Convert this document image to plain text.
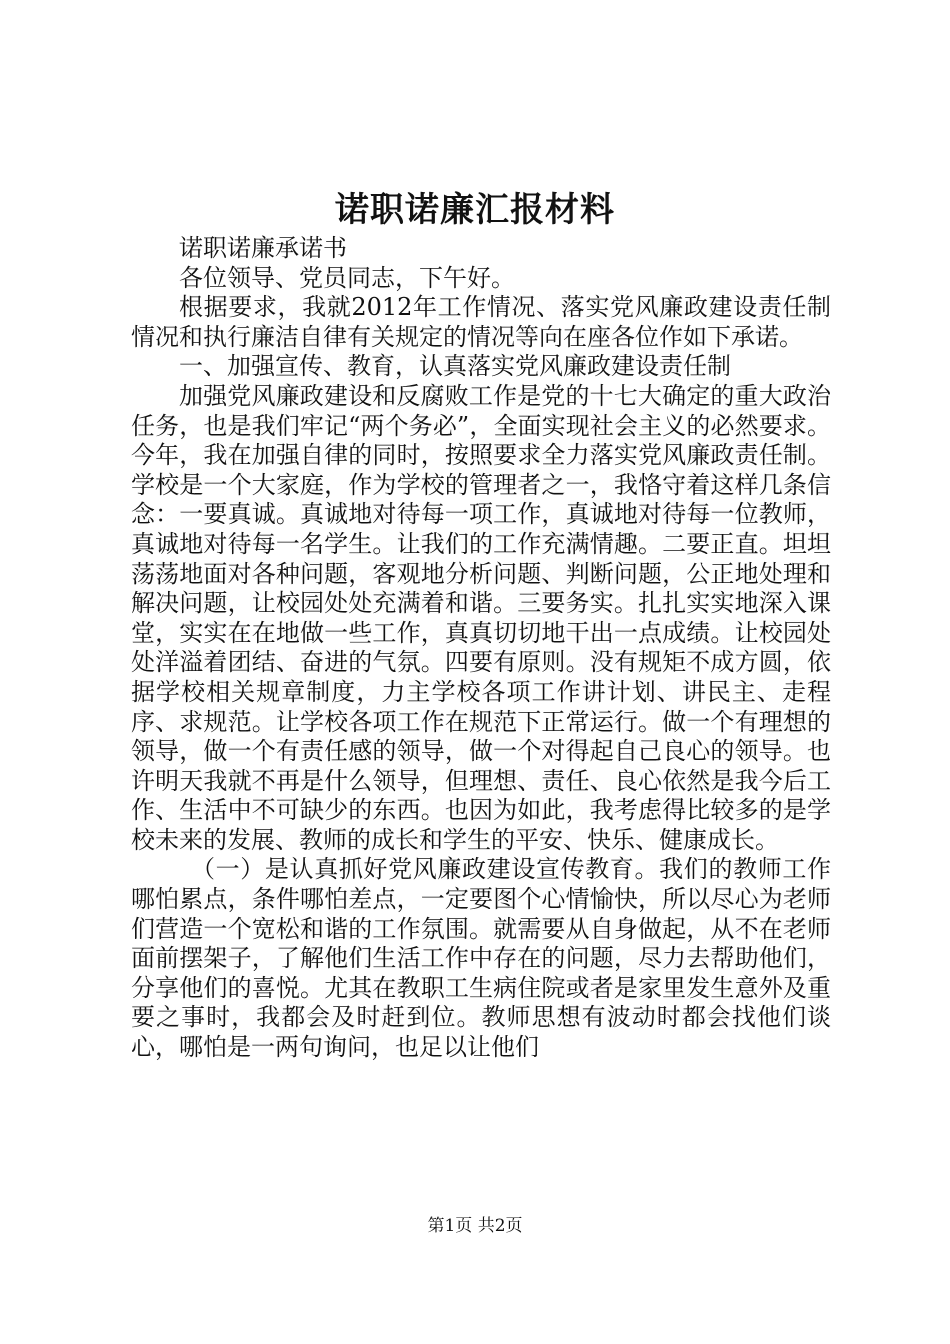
诺职诺廉汇报材料

诺职诺廉承诺书

各位领导、党员同志，下午好。

根据要求，我就2012年工作情况、落实党风廉政建设责任制情况和执行廉洁自律有关规定的情况等向在座各位作如下承诺。

一、加强宣传、教育，认真落实党风廉政建设责任制

加强党风廉政建设和反腐败工作是党的十七大确定的重大政治任务，也是我们牢记“两个务必”，全面实现社会主义的必然要求。今年，我在加强自律的同时，按照要求全力落实党风廉政责任制。学校是一个大家庭，作为学校的管理者之一，我恪守着这样几条信念：一要真诚。真诚地对待每一项工作，真诚地对待每一位教师，真诚地对待每一名学生。让我们的工作充满情趣。二要正直。坦坦荡荡地面对各种问题，客观地分析问题、判断问题，公正地处理和解决问题，让校园处处充满着和谐。三要务实。扎扎实实地深入课堂，实实在在地做一些工作，真真切切地干出一点成绩。让校园处处洋溢着团结、奋进的气氛。四要有原则。没有规矩不成方圆，依据学校相关规章制度，力主学校各项工作讲计划、讲民主、走程序、求规范。让学校各项工作在规范下正常运行。做一个有理想的领导，做一个有责任感的领导，做一个对得起自己良心的领导。也许明天我就不再是什么领导，但理想、责任、良心依然是我今后工作、生活中不可缺少的东西。也因为如此，我考虑得比较多的是学校未来的发展、教师的成长和学生的平安、快乐、健康成长。

（一）是认真抓好党风廉政建设宣传教育。我们的教师工作哪怕累点，条件哪怕差点，一定要图个心情愉快，所以尽心为老师们营造一个宽松和谐的工作氛围。就需要从自身做起，从不在老师面前摆架子，了解他们生活工作中存在的问题，尽力去帮助他们，分享他们的喜悦。尤其在教职工生病住院或者是家里发生意外及重要之事时，我都会及时赶到位。教师思想有波动时都会找他们谈心，哪怕是一两句询问，也足以让他们

第1页 共2页
